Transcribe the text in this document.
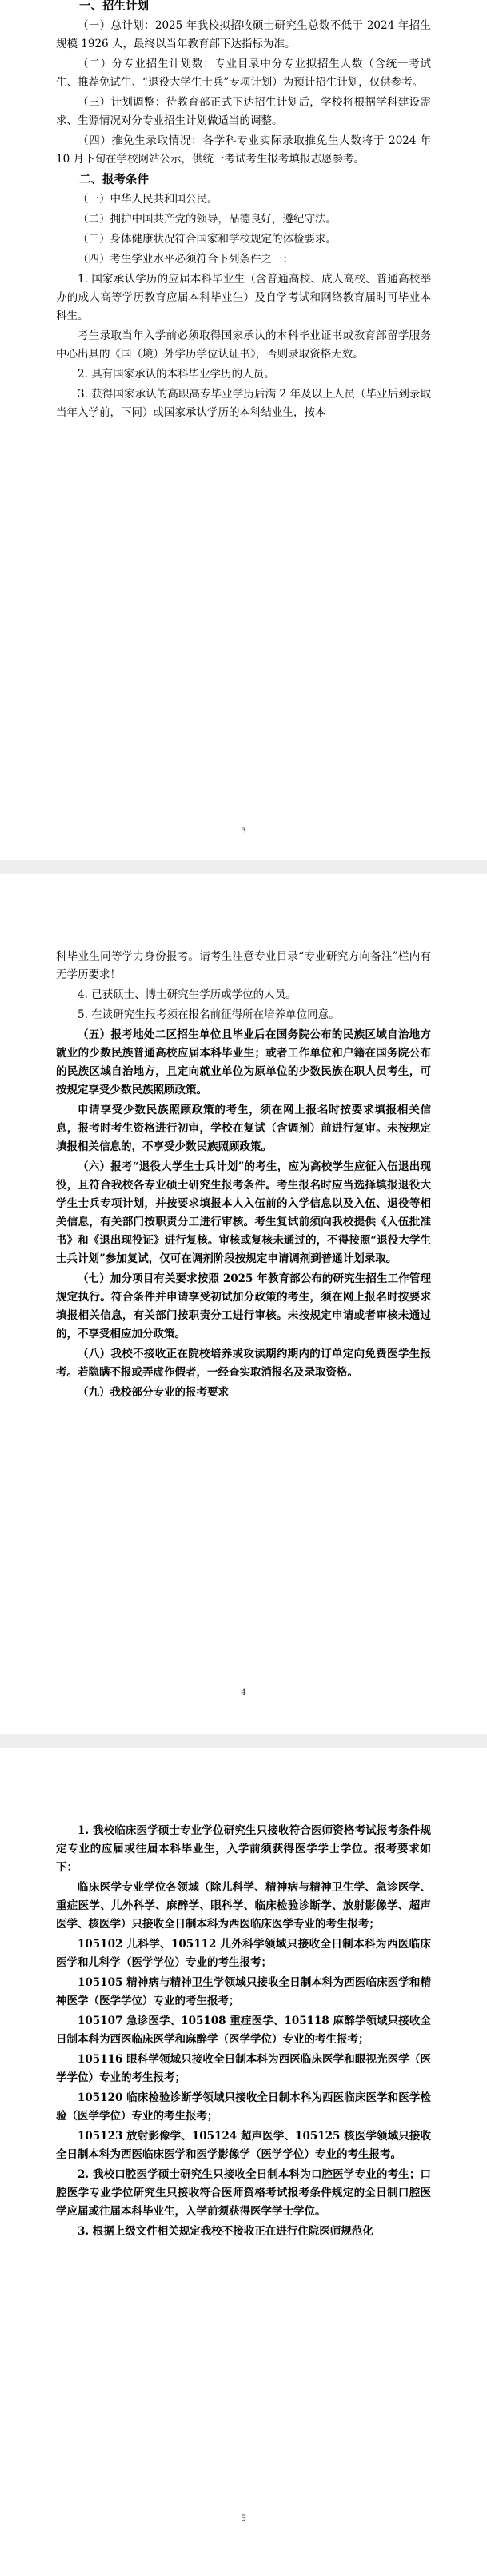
一、招生计划

（一）总计划：2025 年我校拟招收硕士研究生总数不低于 2024 年招生规模 1926 人，最终以当年教育部下达指标为准。

（二）分专业招生计划数：专业目录中分专业拟招生人数（含统一考试生、推荐免试生、“退役大学生士兵”专项计划）为预计招生计划，仅供参考。

（三）计划调整：待教育部正式下达招生计划后，学校将根据学科建设需求、生源情况对分专业招生计划做适当的调整。

（四）推免生录取情况：各学科专业实际录取推免生人数将于 2024 年 10 月下旬在学校网站公示，供统一考试考生报考填报志愿参考。

二、报考条件

（一）中华人民共和国公民。

（二）拥护中国共产党的领导，品德良好，遵纪守法。

（三）身体健康状况符合国家和学校规定的体检要求。

（四）考生学业水平必须符合下列条件之一：

1. 国家承认学历的应届本科毕业生（含普通高校、成人高校、普通高校举办的成人高等学历教育应届本科毕业生）及自学考试和网络教育届时可毕业本科生。

考生录取当年入学前必须取得国家承认的本科毕业证书或教育部留学服务中心出具的《国（境）外学历学位认证书》，否则录取资格无效。

2. 具有国家承认的本科毕业学历的人员。

3. 获得国家承认的高职高专毕业学历后满 2 年及以上人员（毕业后到录取当年入学前，下同）或国家承认学历的本科结业生，按本

3

科毕业生同等学力身份报考。请考生注意专业目录“专业研究方向备注”栏内有无学历要求！

4. 已获硕士、博士研究生学历或学位的人员。

5. 在读研究生报考须在报名前征得所在培养单位同意。

（五）报考地处二区招生单位且毕业后在国务院公布的民族区域自治地方就业的少数民族普通高校应届本科毕业生；或者工作单位和户籍在国务院公布的民族区域自治地方，且定向就业单位为原单位的少数民族在职人员考生，可按规定享受少数民族照顾政策。

申请享受少数民族照顾政策的考生，须在网上报名时按要求填报相关信息，报考时考生资格进行初审，学校在复试（含调剂）前进行复审。未按规定填报相关信息的，不享受少数民族照顾政策。

（六）报考“退役大学生士兵计划”的考生，应为高校学生应征入伍退出现役，且符合我校各专业硕士研究生报考条件。考生报名时应当选择填报退役大学生士兵专项计划，并按要求填报本人入伍前的入学信息以及入伍、退役等相关信息，有关部门按职责分工进行审核。考生复试前须向我校提供《入伍批准书》和《退出现役证》进行复核。审核或复核未通过的，不得按照“退役大学生士兵计划”参加复试，仅可在调剂阶段按规定申请调剂到普通计划录取。

（七）加分项目有关要求按照 2025 年教育部公布的研究生招生工作管理规定执行。符合条件并申请享受初试加分政策的考生，须在网上报名时按要求填报相关信息，有关部门按职责分工进行审核。未按规定申请或者审核未通过的，不享受相应加分政策。

（八）我校不接收正在院校培养或攻读期约期内的订单定向免费医学生报考。若隐瞒不报或弄虚作假者，一经查实取消报名及录取资格。

（九）我校部分专业的报考要求

4

1. 我校临床医学硕士专业学位研究生只接收符合医师资格考试报考条件规定专业的应届或往届本科毕业生，入学前须获得医学学士学位。报考要求如下：

临床医学专业学位各领域（除儿科学、精神病与精神卫生学、急诊医学、重症医学、儿外科学、麻醉学、眼科学、临床检验诊断学、放射影像学、超声医学、核医学）只接收全日制本科为西医临床医学专业的考生报考；

105102 儿科学、105112 儿外科学领域只接收全日制本科为西医临床医学和儿科学（医学学位）专业的考生报考；

105105 精神病与精神卫生学领域只接收全日制本科为西医临床医学和精神医学（医学学位）专业的考生报考；

105107 急诊医学、105108 重症医学、105118 麻醉学领域只接收全日制本科为西医临床医学和麻醉学（医学学位）专业的考生报考；

105116 眼科学领域只接收全日制本科为西医临床医学和眼视光医学（医学学位）专业的考生报考；

105120 临床检验诊断学领域只接收全日制本科为西医临床医学和医学检验（医学学位）专业的考生报考；

105123 放射影像学、105124 超声医学、105125 核医学领域只接收全日制本科为西医临床医学和医学影像学（医学学位）专业的考生报考。

2. 我校口腔医学硕士研究生只接收全日制本科为口腔医学专业的考生；口腔医学专业学位研究生只接收符合医师资格考试报考条件规定的全日制口腔医学应届或往届本科毕业生，入学前须获得医学学士学位。

3. 根据上级文件相关规定我校不接收正在进行住院医师规范化

5
